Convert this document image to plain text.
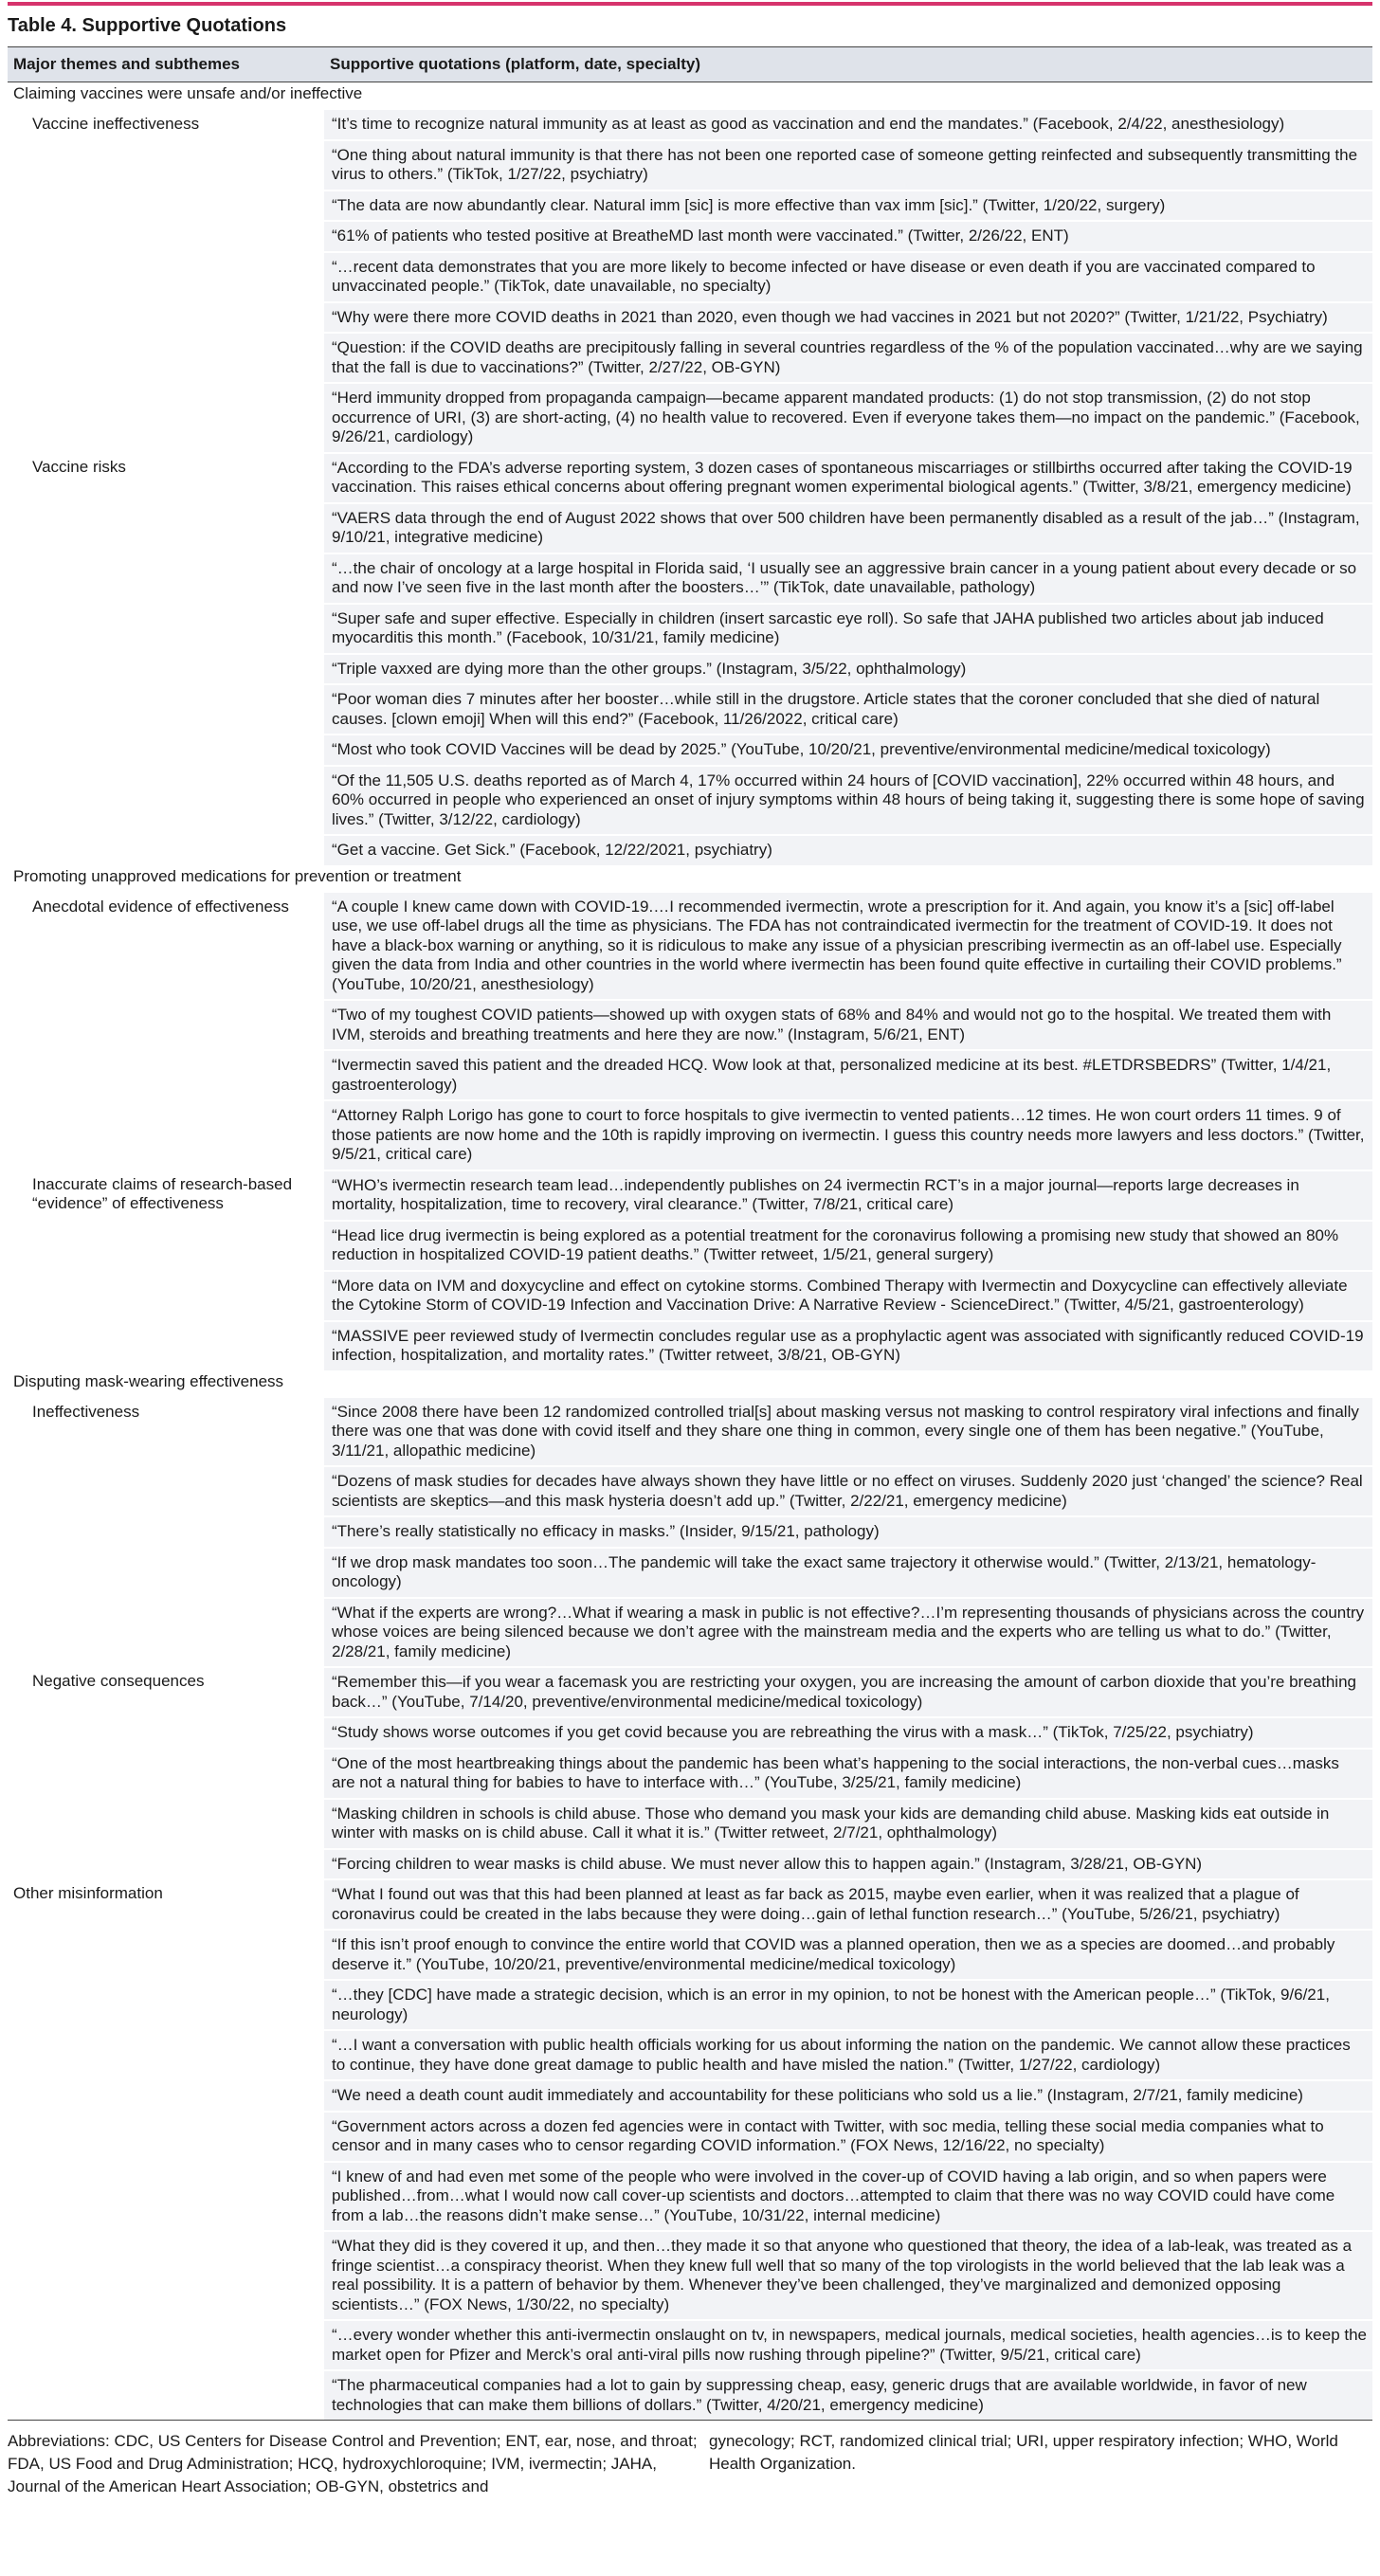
Table 4. Supportive Quotations
Major themes and subthemes	Supportive quotations (platform, date, specialty)
Claiming vaccines were unsafe and/or ineffective	
Vaccine ineffectiveness	“It’s time to recognize natural immunity as at least as good as vaccination and end the mandates.” (Facebook, 2/4/22, anesthesiology)
	“One thing about natural immunity is that there has not been one reported case of someone getting reinfected and subsequently transmitting the virus to others.” (TikTok, 1/27/22, psychiatry)
	“The data are now abundantly clear. Natural imm [sic] is more effective than vax imm [sic].” (Twitter, 1/20/22, surgery)
	“61% of patients who tested positive at BreatheMD last month were vaccinated.” (Twitter, 2/26/22, ENT)
	“…recent data demonstrates that you are more likely to become infected or have disease or even death if you are vaccinated compared to unvaccinated people.” (TikTok, date unavailable, no specialty)
	“Why were there more COVID deaths in 2021 than 2020, even though we had vaccines in 2021 but not 2020?” (Twitter, 1/21/22, Psychiatry)
	“Question: if the COVID deaths are precipitously falling in several countries regardless of the % of the population vaccinated…why are we saying that the fall is due to vaccinations?” (Twitter, 2/27/22, OB-GYN)
	“Herd immunity dropped from propaganda campaign—became apparent mandated products: (1) do not stop transmission, (2) do not stop occurrence of URI, (3) are short-acting, (4) no health value to recovered. Even if everyone takes them—no impact on the pandemic.” (Facebook, 9/26/21, cardiology)
Vaccine risks	“According to the FDA’s adverse reporting system, 3 dozen cases of spontaneous miscarriages or stillbirths occurred after taking the COVID-19 vaccination. This raises ethical concerns about offering pregnant women experimental biological agents.” (Twitter, 3/8/21, emergency medicine)
	“VAERS data through the end of August 2022 shows that over 500 children have been permanently disabled as a result of the jab…” (Instagram, 9/10/21, integrative medicine)
	“…the chair of oncology at a large hospital in Florida said, ‘I usually see an aggressive brain cancer in a young patient about every decade or so and now I’ve seen five in the last month after the boosters…’” (TikTok, date unavailable, pathology)
	“Super safe and super effective. Especially in children (insert sarcastic eye roll). So safe that JAHA published two articles about jab induced myocarditis this month.” (Facebook, 10/31/21, family medicine)
	“Triple vaxxed are dying more than the other groups.” (Instagram, 3/5/22, ophthalmology)
	“Poor woman dies 7 minutes after her booster…while still in the drugstore. Article states that the coroner concluded that she died of natural causes. [clown emoji] When will this end?” (Facebook, 11/26/2022, critical care)
	“Most who took COVID Vaccines will be dead by 2025.” (YouTube, 10/20/21, preventive/environmental medicine/medical toxicology)
	“Of the 11,505 U.S. deaths reported as of March 4, 17% occurred within 24 hours of [COVID vaccination], 22% occurred within 48 hours, and 60% occurred in people who experienced an onset of injury symptoms within 48 hours of being taking it, suggesting there is some hope of saving lives.” (Twitter, 3/12/22, cardiology)
	“Get a vaccine. Get Sick.” (Facebook, 12/22/2021, psychiatry)
Promoting unapproved medications for prevention or treatment	
Anecdotal evidence of effectiveness	“A couple I knew came down with COVID-19.…I recommended ivermectin, wrote a prescription for it. And again, you know it’s a [sic] off-label use, we use off-label drugs all the time as physicians. The FDA has not contraindicated ivermectin for the treatment of COVID-19. It does not have a black-box warning or anything, so it is ridiculous to make any issue of a physician prescribing ivermectin as an off-label use. Especially given the data from India and other countries in the world where ivermectin has been found quite effective in curtailing their COVID problems.” (YouTube, 10/20/21, anesthesiology)
	“Two of my toughest COVID patients—showed up with oxygen stats of 68% and 84% and would not go to the hospital. We treated them with IVM, steroids and breathing treatments and here they are now.” (Instagram, 5/6/21, ENT)
	“Ivermectin saved this patient and the dreaded HCQ. Wow look at that, personalized medicine at its best. #LETDRSBEDRS” (Twitter, 1/4/21, gastroenterology)
	“Attorney Ralph Lorigo has gone to court to force hospitals to give ivermectin to vented patients…12 times. He won court orders 11 times. 9 of those patients are now home and the 10th is rapidly improving on ivermectin. I guess this country needs more lawyers and less doctors.” (Twitter, 9/5/21, critical care)
Inaccurate claims of research-based “evidence” of effectiveness	“WHO’s ivermectin research team lead…independently publishes on 24 ivermectin RCT’s in a major journal—reports large decreases in mortality, hospitalization, time to recovery, viral clearance.” (Twitter, 7/8/21, critical care)
	“Head lice drug ivermectin is being explored as a potential treatment for the coronavirus following a promising new study that showed an 80% reduction in hospitalized COVID-19 patient deaths.” (Twitter retweet, 1/5/21, general surgery)
	“More data on IVM and doxycycline and effect on cytokine storms. Combined Therapy with Ivermectin and Doxycycline can effectively alleviate the Cytokine Storm of COVID-19 Infection and Vaccination Drive: A Narrative Review - ScienceDirect.” (Twitter, 4/5/21, gastroenterology)
	“MASSIVE peer reviewed study of Ivermectin concludes regular use as a prophylactic agent was associated with significantly reduced COVID-19 infection, hospitalization, and mortality rates.” (Twitter retweet, 3/8/21, OB-GYN)
Disputing mask-wearing effectiveness	
Ineffectiveness	“Since 2008 there have been 12 randomized controlled trial[s] about masking versus not masking to control respiratory viral infections and finally there was one that was done with covid itself and they share one thing in common, every single one of them has been negative.” (YouTube, 3/11/21, allopathic medicine)
	“Dozens of mask studies for decades have always shown they have little or no effect on viruses. Suddenly 2020 just ‘changed’ the science? Real scientists are skeptics—and this mask hysteria doesn’t add up.” (Twitter, 2/22/21, emergency medicine)
	“There’s really statistically no efficacy in masks.” (Insider, 9/15/21, pathology)
	“If we drop mask mandates too soon…The pandemic will take the exact same trajectory it otherwise would.” (Twitter, 2/13/21, hematology-oncology)
	“What if the experts are wrong?…What if wearing a mask in public is not effective?…I’m representing thousands of physicians across the country whose voices are being silenced because we don’t agree with the mainstream media and the experts who are telling us what to do.” (Twitter, 2/28/21, family medicine)
Negative consequences	“Remember this—if you wear a facemask you are restricting your oxygen, you are increasing the amount of carbon dioxide that you’re breathing back…” (YouTube, 7/14/20, preventive/environmental medicine/medical toxicology)
	“Study shows worse outcomes if you get covid because you are rebreathing the virus with a mask…” (TikTok, 7/25/22, psychiatry)
	“One of the most heartbreaking things about the pandemic has been what’s happening to the social interactions, the non-verbal cues…masks are not a natural thing for babies to have to interface with…” (YouTube, 3/25/21, family medicine)
	“Masking children in schools is child abuse. Those who demand you mask your kids are demanding child abuse. Masking kids eat outside in winter with masks on is child abuse. Call it what it is.” (Twitter retweet, 2/7/21, ophthalmology)
	“Forcing children to wear masks is child abuse. We must never allow this to happen again.” (Instagram, 3/28/21, OB-GYN)
Other misinformation	“What I found out was that this had been planned at least as far back as 2015, maybe even earlier, when it was realized that a plague of coronavirus could be created in the labs because they were doing…gain of lethal function research…” (YouTube, 5/26/21, psychiatry)
	“If this isn’t proof enough to convince the entire world that COVID was a planned operation, then we as a species are doomed…and probably deserve it.” (YouTube, 10/20/21, preventive/environmental medicine/medical toxicology)
	“…they [CDC] have made a strategic decision, which is an error in my opinion, to not be honest with the American people…” (TikTok, 9/6/21, neurology)
	“…I want a conversation with public health officials working for us about informing the nation on the pandemic. We cannot allow these practices to continue, they have done great damage to public health and have misled the nation.” (Twitter, 1/27/22, cardiology)
	“We need a death count audit immediately and accountability for these politicians who sold us a lie.” (Instagram, 2/7/21, family medicine)
	“Government actors across a dozen fed agencies were in contact with Twitter, with soc media, telling these social media companies what to censor and in many cases who to censor regarding COVID information.” (FOX News, 12/16/22, no specialty)
	“I knew of and had even met some of the people who were involved in the cover-up of COVID having a lab origin, and so when papers were published…from…what I would now call cover-up scientists and doctors…attempted to claim that there was no way COVID could have come from a lab…the reasons didn’t make sense…” (YouTube, 10/31/22, internal medicine)
	“What they did is they covered it up, and then…they made it so that anyone who questioned that theory, the idea of a lab-leak, was treated as a fringe scientist…a conspiracy theorist. When they knew full well that so many of the top virologists in the world believed that the lab leak was a real possibility. It is a pattern of behavior by them. Whenever they’ve been challenged, they’ve marginalized and demonized opposing scientists…” (FOX News, 1/30/22, no specialty)
	“…every wonder whether this anti-ivermectin onslaught on tv, in newspapers, medical journals, medical societies, health agencies…is to keep the market open for Pfizer and Merck’s oral anti-viral pills now rushing through pipeline?” (Twitter, 9/5/21, critical care)
	“The pharmaceutical companies had a lot to gain by suppressing cheap, easy, generic drugs that are available worldwide, in favor of new technologies that can make them billions of dollars.” (Twitter, 4/20/21, emergency medicine)
Abbreviations: CDC, US Centers for Disease Control and Prevention; ENT, ear, nose, and throat; FDA, US Food and Drug Administration; HCQ, hydroxychloroquine; IVM, ivermectin; JAHA, Journal of the American Heart Association; OB-GYN, obstetrics and
gynecology; RCT, randomized clinical trial; URI, upper respiratory infection; WHO, World Health Organization.
